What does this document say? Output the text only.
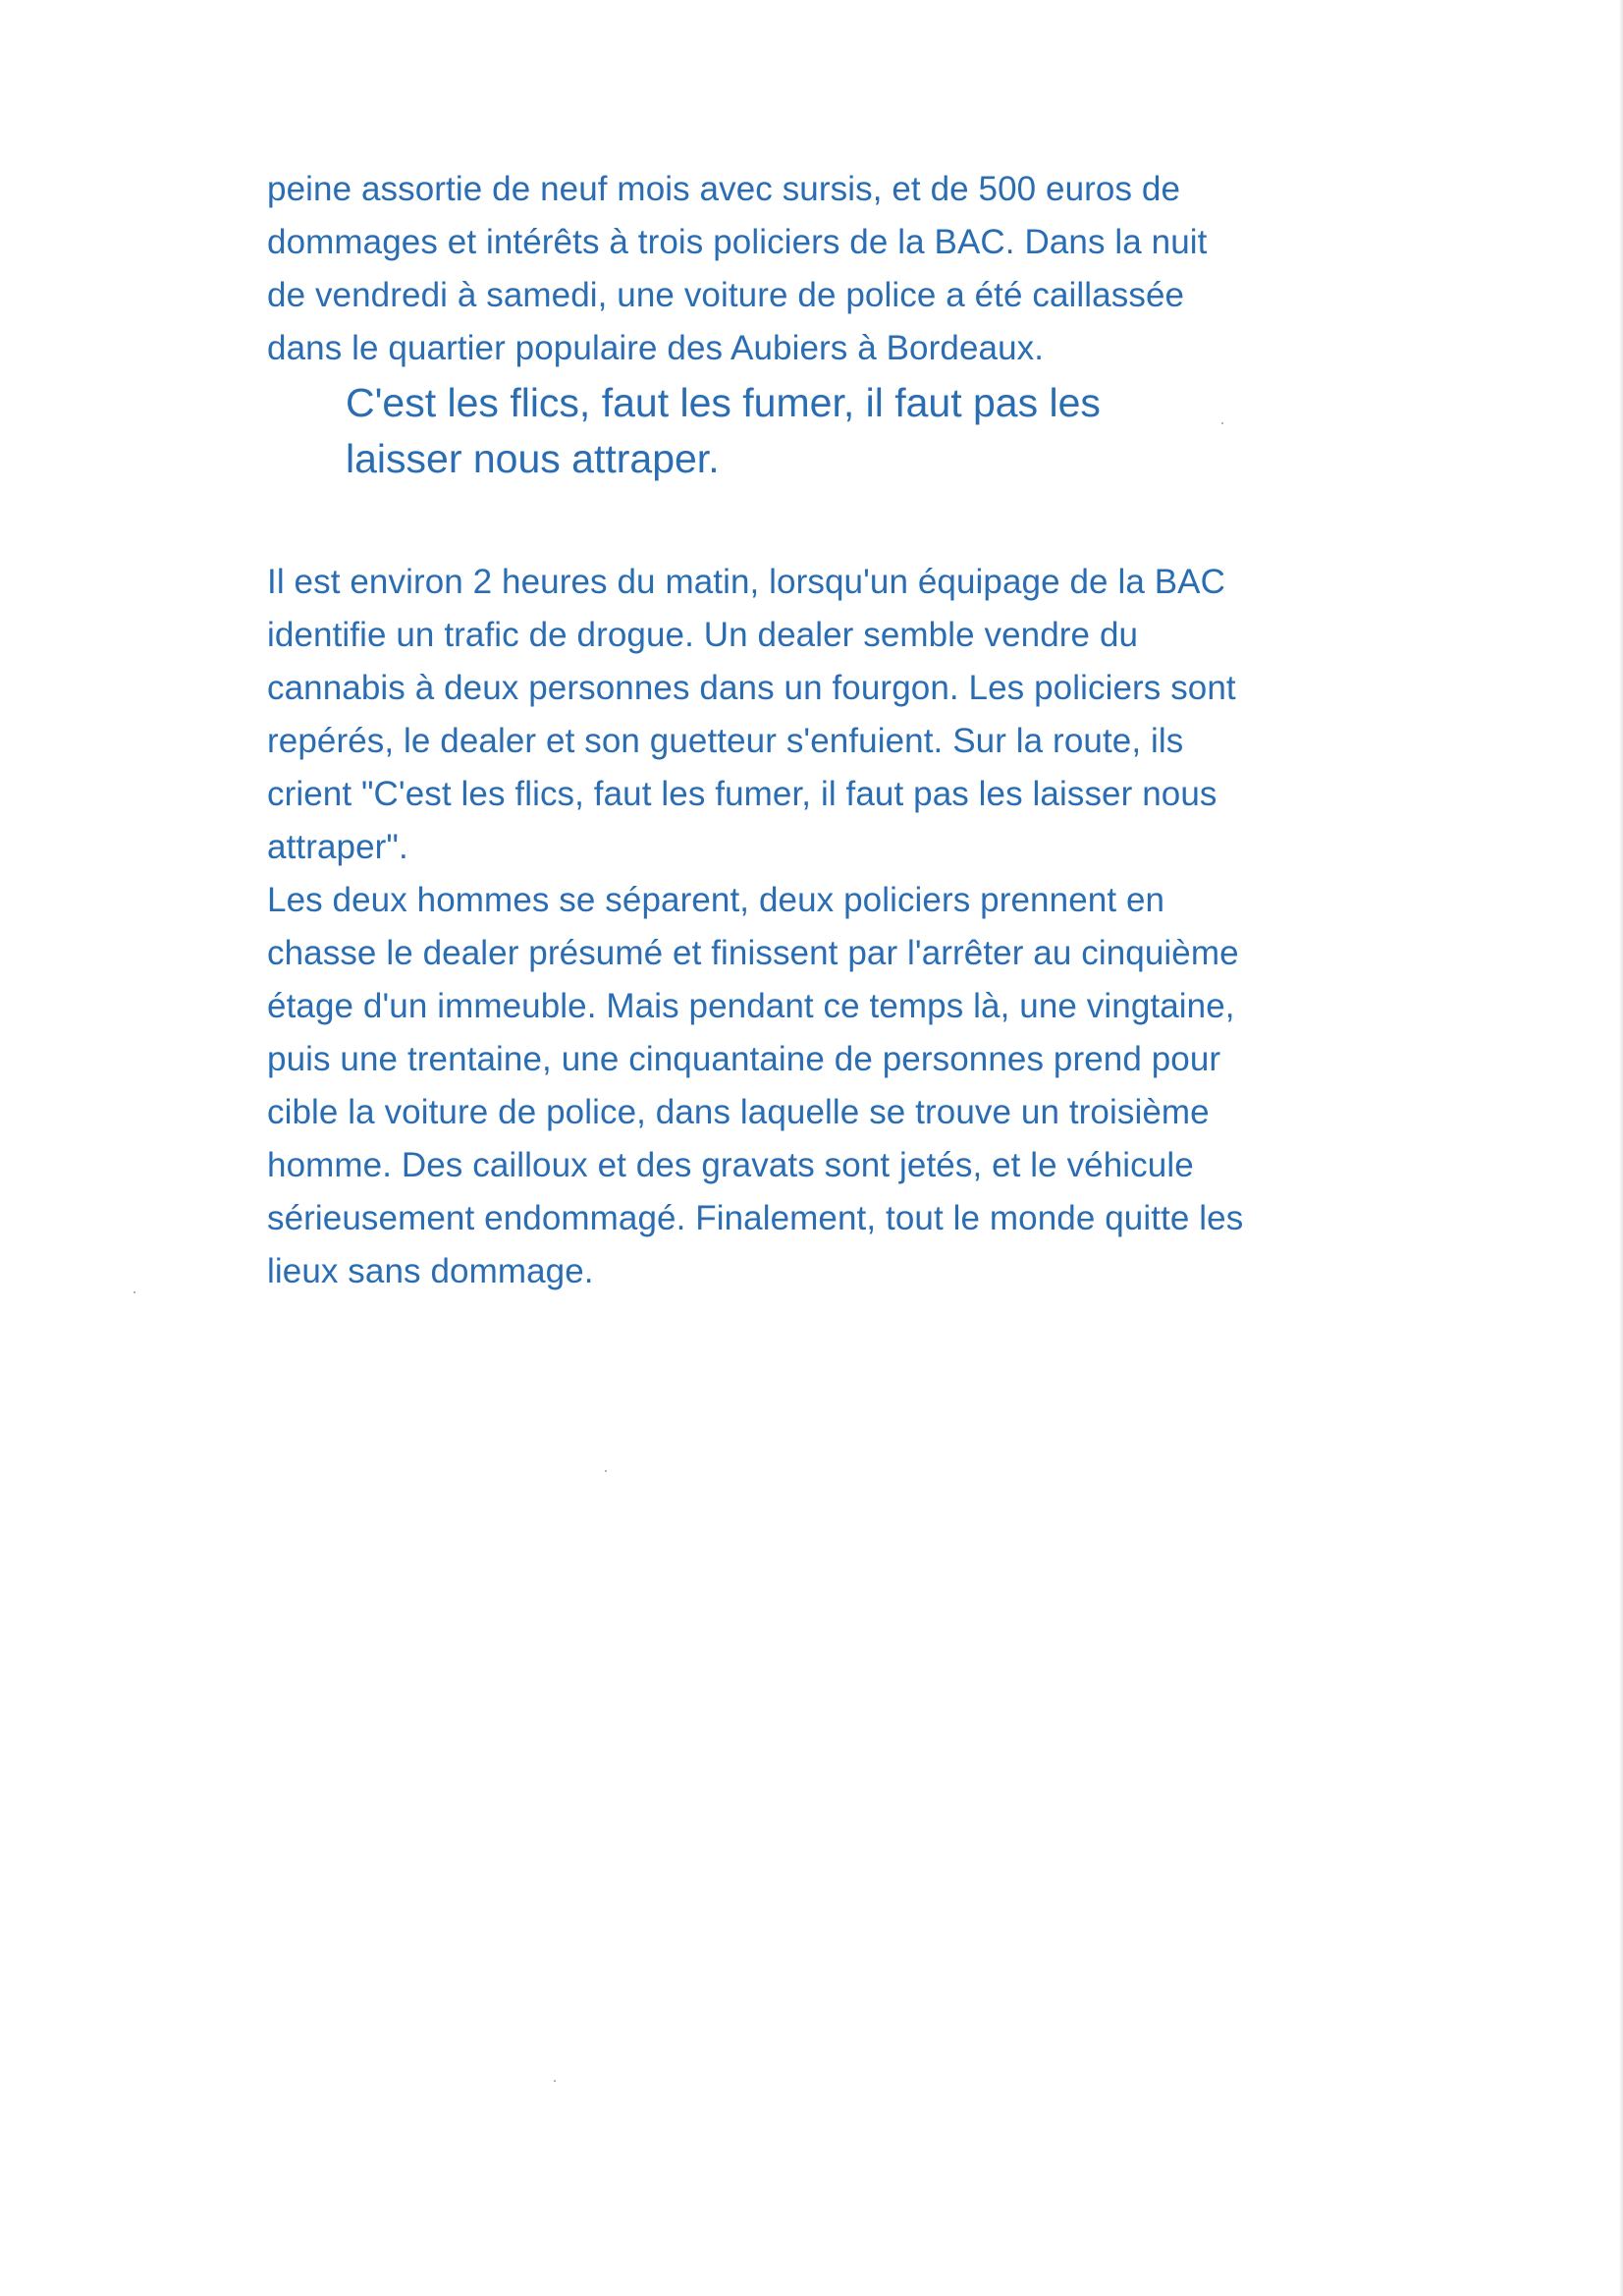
peine assortie de neuf mois avec sursis, et de 500 euros de
dommages et intérêts à trois policiers de la BAC. Dans la nuit
de vendredi à samedi, une voiture de police a été caillassée
dans le quartier populaire des Aubiers à Bordeaux.
C'est les flics, faut les fumer, il faut pas les
laisser nous attraper.
Il est environ 2 heures du matin, lorsqu'un équipage de la BAC
identifie un trafic de drogue. Un dealer semble vendre du
cannabis à deux personnes dans un fourgon. Les policiers sont
repérés, le dealer et son guetteur s'enfuient. Sur la route, ils
crient "C'est les flics, faut les fumer, il faut pas les laisser nous
attraper".
Les deux hommes se séparent, deux policiers prennent en
chasse le dealer présumé et finissent par l'arrêter au cinquième
étage d'un immeuble. Mais pendant ce temps là, une vingtaine,
puis une trentaine, une cinquantaine de personnes prend pour
cible la voiture de police, dans laquelle se trouve un troisième
homme. Des cailloux et des gravats sont jetés, et le véhicule
sérieusement endommagé. Finalement, tout le monde quitte les
lieux sans dommage.
